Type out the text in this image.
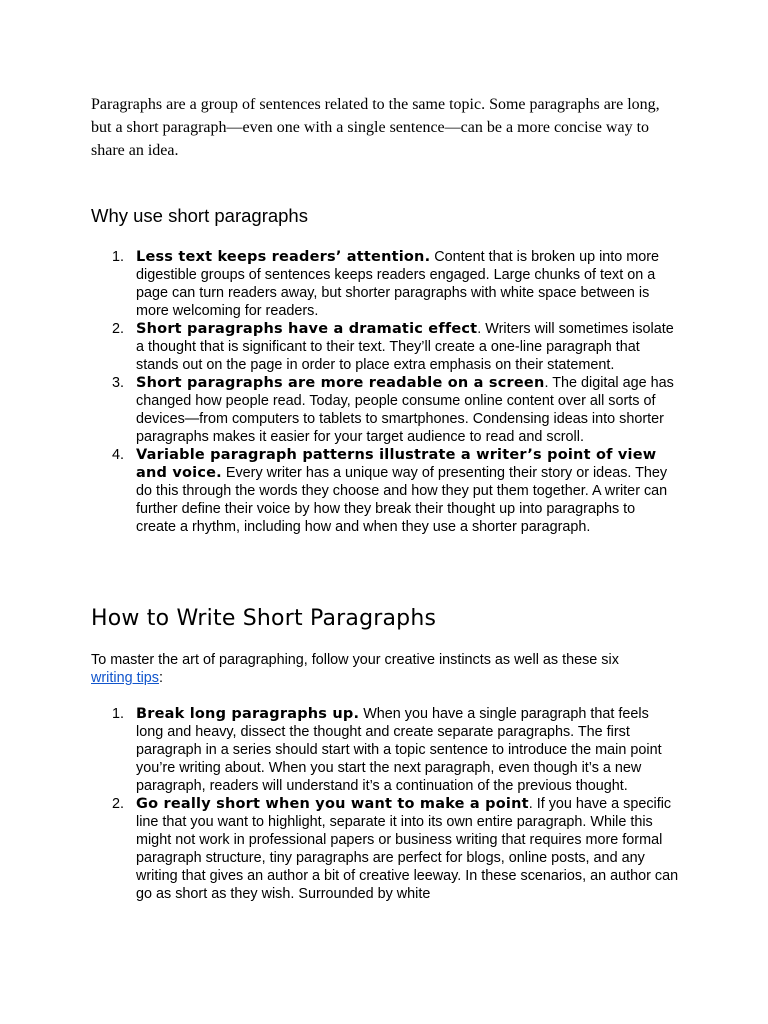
Paragraphs are a group of sentences related to the same topic. Some paragraphs are long, but a short paragraph—even one with a single sentence—can be a more concise way to share an idea.

Why use short paragraphs
1. Less text keeps readers’ attention. Content that is broken up into more digestible groups of sentences keeps readers engaged. Large chunks of text on a page can turn readers away, but shorter paragraphs with white space between is more welcoming for readers.
2. Short paragraphs have a dramatic effect. Writers will sometimes isolate a thought that is significant to their text. They’ll create a one-line paragraph that stands out on the page in order to place extra emphasis on their statement.
3. Short paragraphs are more readable on a screen. The digital age has changed how people read. Today, people consume online content over all sorts of devices—from computers to tablets to smartphones. Condensing ideas into shorter paragraphs makes it easier for your target audience to read and scroll.
4. Variable paragraph patterns illustrate a writer’s point of view and voice. Every writer has a unique way of presenting their story or ideas. They do this through the words they choose and how they put them together. A writer can further define their voice by how they break their thought up into paragraphs to create a rhythm, including how and when they use a shorter paragraph.
How to Write Short Paragraphs

To master the art of paragraphing, follow your creative instincts as well as these six writing tips:

1. Break long paragraphs up. When you have a single paragraph that feels long and heavy, dissect the thought and create separate paragraphs. The first paragraph in a series should start with a topic sentence to introduce the main point you’re writing about. When you start the next paragraph, even though it’s a new paragraph, readers will understand it’s a continuation of the previous thought.
2. Go really short when you want to make a point. If you have a specific line that you want to highlight, separate it into its own entire paragraph. While this might not work in professional papers or business writing that requires more formal paragraph structure, tiny paragraphs are perfect for blogs, online posts, and any writing that gives an author a bit of creative leeway. In these scenarios, an author can go as short as they wish. Surrounded by white
